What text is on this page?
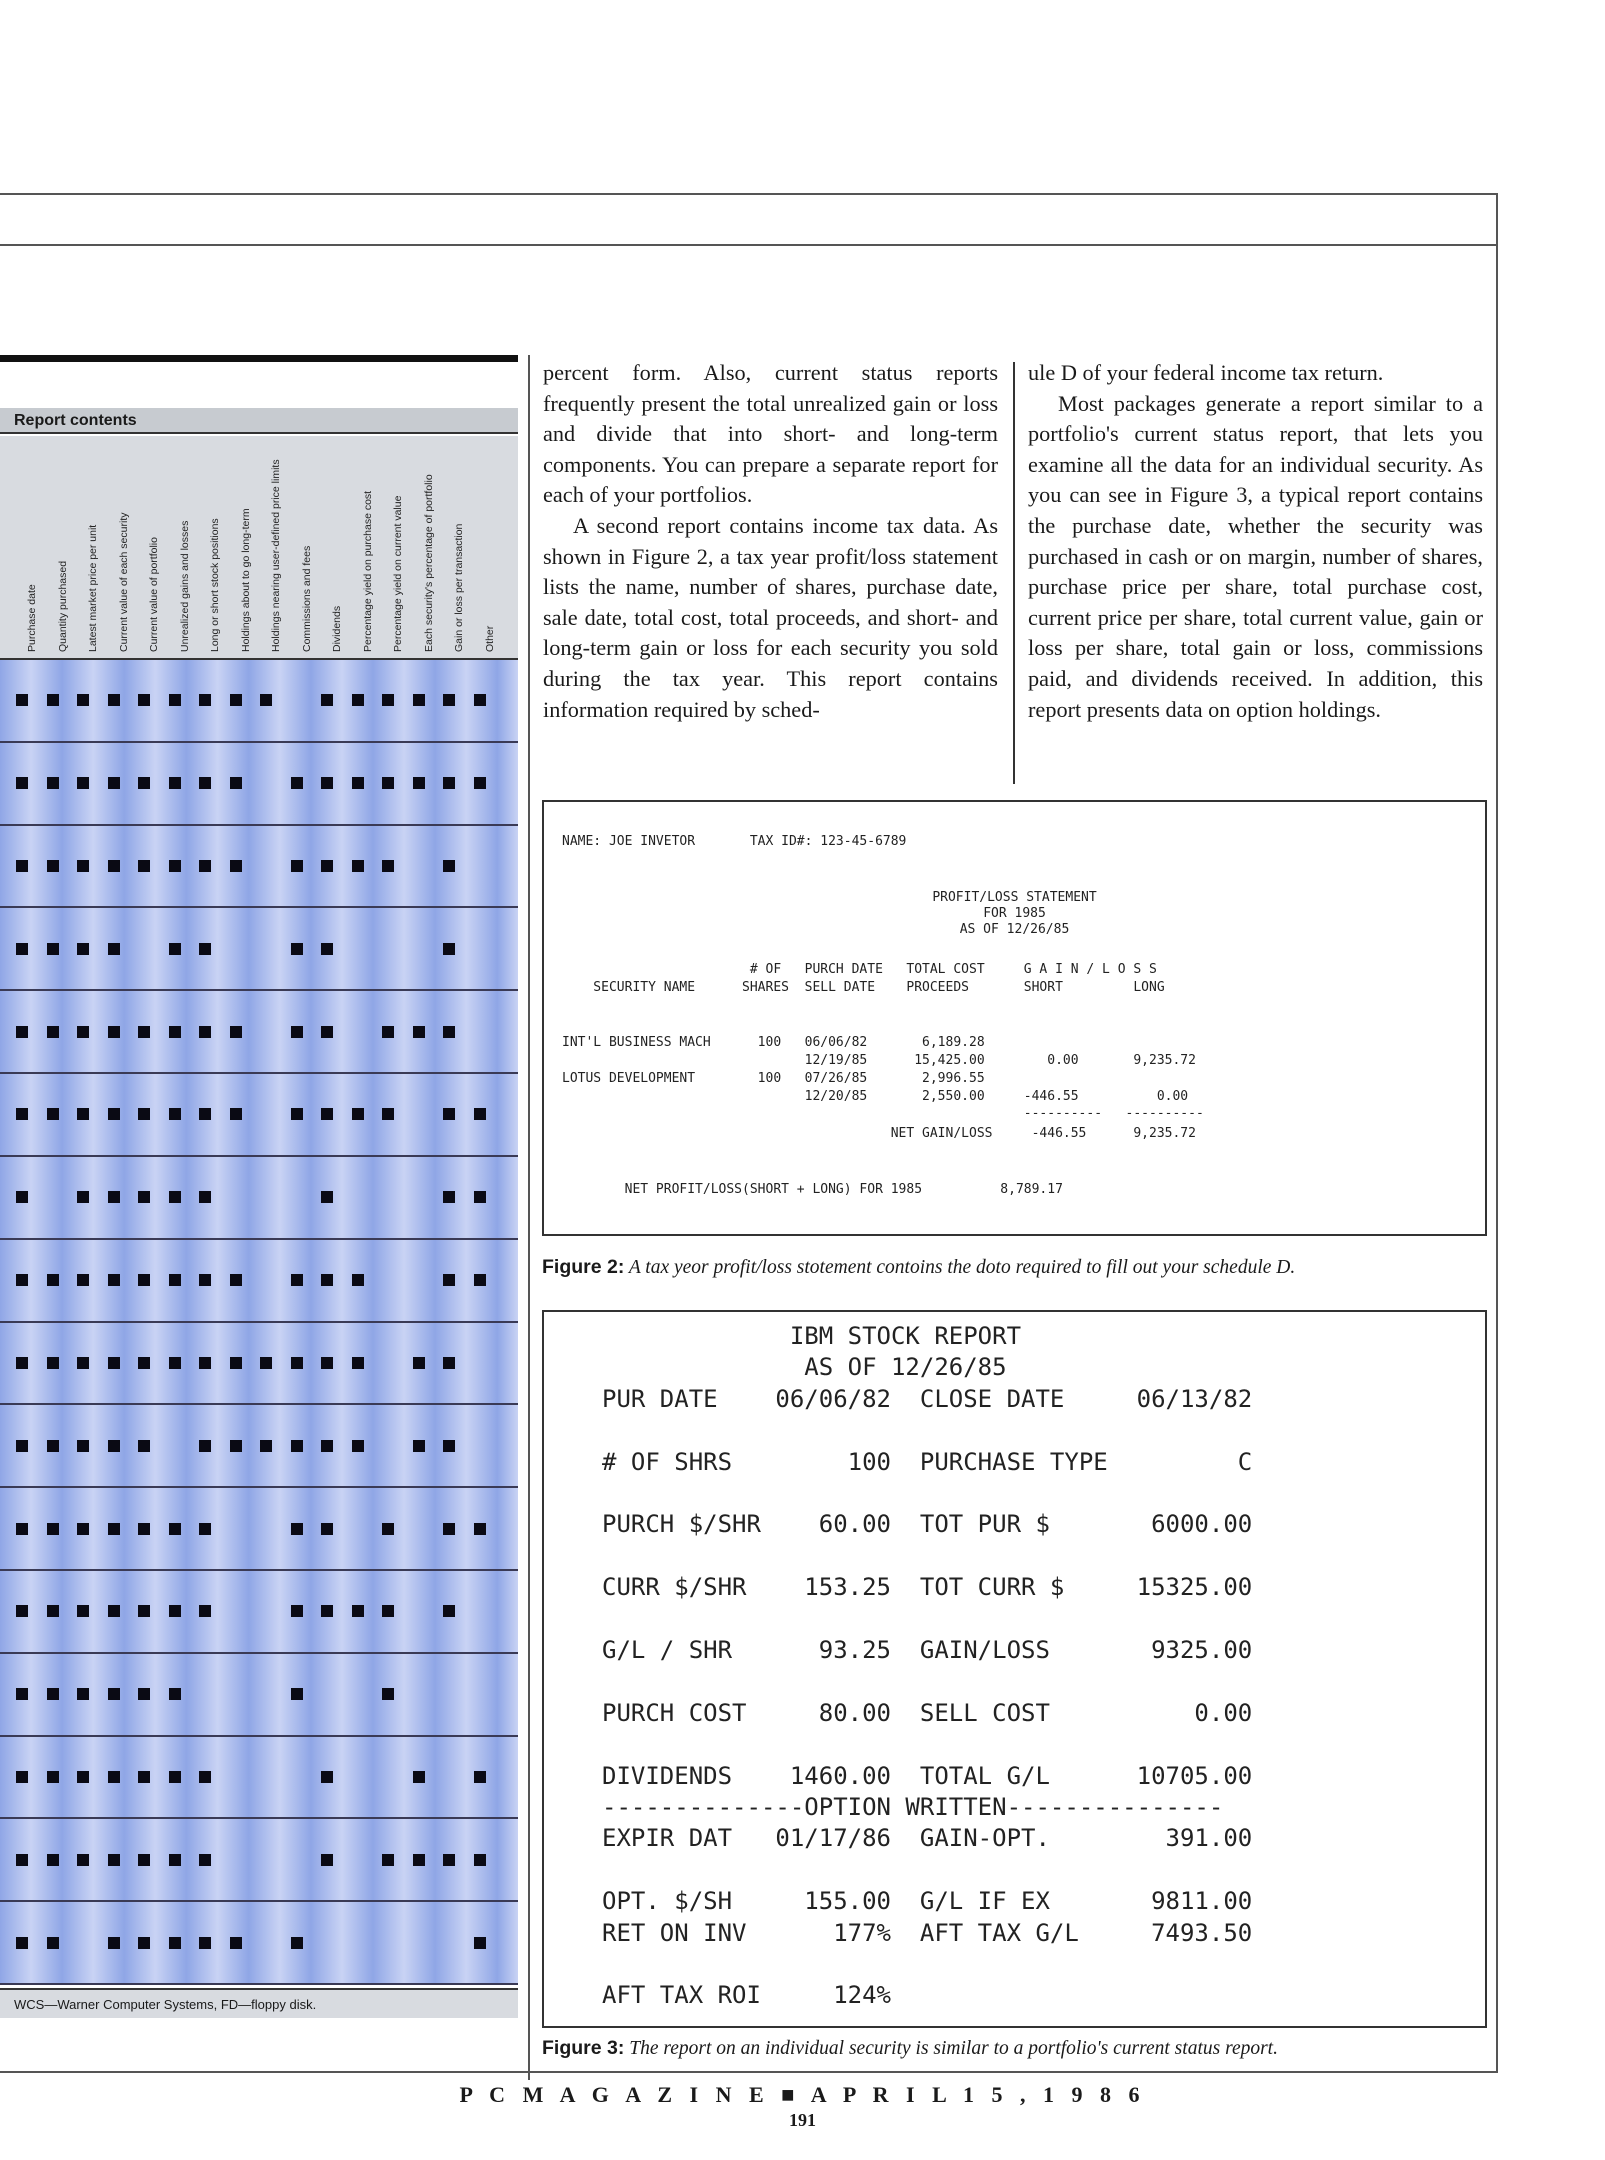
Report contents
Purchase date Quantity purchased Latest market price per unit Current value of each security Current value of portfolio Unrealized gains and losses Long or short stock positions Holdings about to go long-term Holdings nearing user-defined price limits Commissions and fees Dividends Percentage yield on purchase cost Percentage yield on current value Each security's percentage of portfolio Gain or loss per transaction Other
WCS—Warner Computer Systems, FD—floppy disk.

percent form. Also, current status reports frequently present the total unrealized gain or loss and divide that into short- and long-term components. You can prepare a separate report for each of your portfolios.

A second report contains income tax data. As shown in Figure 2, a tax year profit/loss statement lists the name, number of shares, purchase date, sale date, total cost, total proceeds, and short- and long-term gain or loss for each security you sold during the tax year. This report contains information required by sched-

ule D of your federal income tax return.

Most packages generate a report similar to a portfolio's current status report, that lets you examine all the data for an individual security. As you can see in Figure 3, a typical report contains the purchase date, whether the security was purchased in cash or on margin, number of shares, purchase price per share, total purchase cost, current price per share, total current value, gain or loss per share, total gain or loss, commissions paid, and dividends received. In addition, this report presents data on option holdings.

NAME: JOE INVETOR       TAX ID#: 123-45-6789
PROFIT/LOSS STATEMENT
FOR 1985
AS OF 12/26/85
# OF   PURCH DATE   TOTAL COST     G A I N / L O S S
SECURITY NAME      SHARES  SELL DATE    PROCEEDS       SHORT         LONG
INT'L BUSINESS MACH      100   06/06/82       6,189.28
12/19/85      15,425.00        0.00       9,235.72
LOTUS DEVELOPMENT        100   07/26/85       2,996.55
12/20/85       2,550.00     -446.55          0.00
----------   ----------
NET GAIN/LOSS     -446.55      9,235.72
NET PROFIT/LOSS(SHORT + LONG) FOR 1985          8,789.17
Figure 2: A tax yeor profit/loss stotement contoins the doto required to fill out your schedule D.
IBM STOCK REPORT
AS OF 12/26/85
PUR DATE    06/06/82  CLOSE DATE     06/13/82
# OF SHRS        100  PURCHASE TYPE         C
PURCH $/SHR    60.00  TOT PUR $       6000.00
CURR $/SHR    153.25  TOT CURR $     15325.00
G/L / SHR      93.25  GAIN/LOSS       9325.00
PURCH COST     80.00  SELL COST          0.00
DIVIDENDS    1460.00  TOTAL G/L      10705.00
--------------OPTION WRITTEN---------------
EXPIR DAT   01/17/86  GAIN-OPT.        391.00
OPT. $/SH     155.00  G/L IF EX       9811.00
RET ON INV      177%  AFT TAX G/L     7493.50
AFT TAX ROI     124%
Figure 3: The report on an individual security is similar to a portfolio's current status report.
P C M A G A Z I N E ■ A P R I L 1 5 , 1 9 8 6
191
